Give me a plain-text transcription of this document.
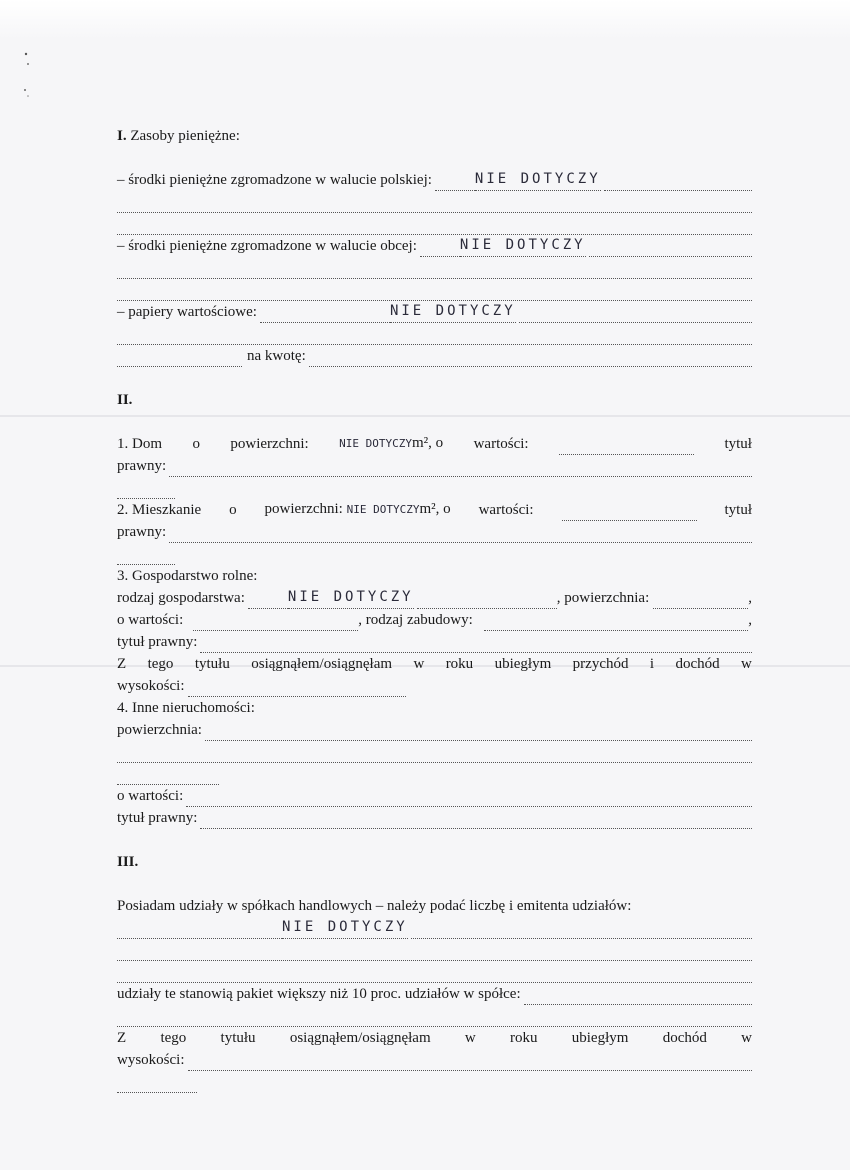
I. Zasoby pieniężne:
– środki pieniężne zgromadzone w walucie polskiej:	NIE DOTYCZY
– środki pieniężne zgromadzone w walucie obcej:	NIE DOTYCZY
– papiery wartościowe:	NIE DOTYCZY
na kwotę:
II.
1. Dom o powierzchni:	NIE DOTYCZYm², o wartości:	tytuł
prawny:
2. Mieszkanie o powierzchni: NIE DOTYCZYm², o wartości:	tytuł
prawny:
3. Gospodarstwo rolne:
rodzaj gospodarstwa:	NIE DOTYCZY	, powierzchnia:	,
o wartości:	, rodzaj zabudowy:	,
tytuł prawny:
Z tego tytułu osiągnąłem/osiągnęłam w roku ubiegłym przychód i dochód w
wysokości:
4. Inne nieruchomości:
powierzchnia:
o wartości:
tytuł prawny:
III.
Posiadam udziały w spółkach handlowych – należy podać liczbę i emitenta udziałów:
NIE DOTYCZY
udziały te stanowią pakiet większy niż 10 proc. udziałów w spółce:
Z tego tytułu osiągnąłem/osiągnęłam w roku ubiegłym dochód w
wysokości:
